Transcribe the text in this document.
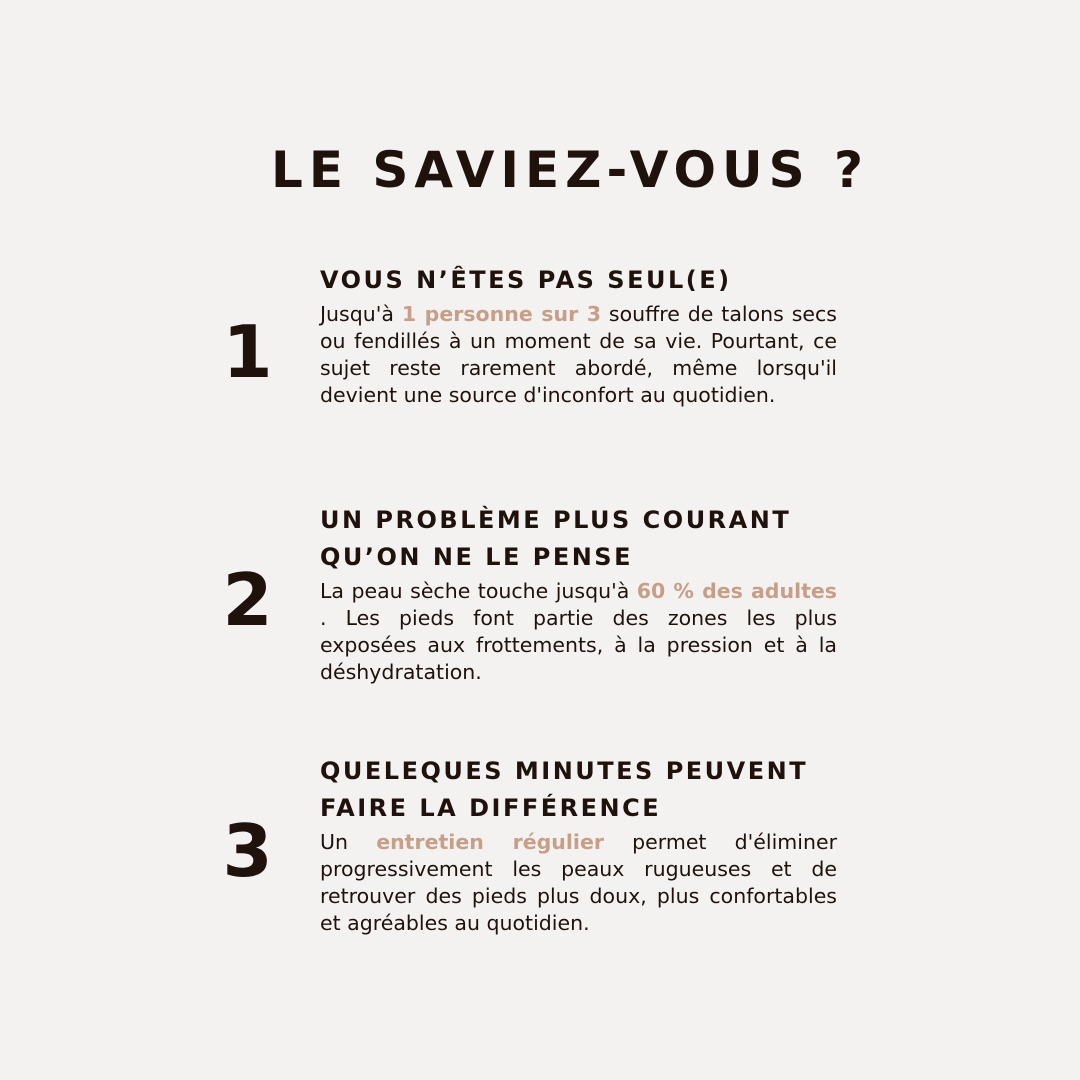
LE SAVIEZ-VOUS ?
1
VOUS N’ÊTES PAS SEUL(E)

Jusqu'à 1 personne sur 3 souffre de talons secs ou fendillés à un moment de sa vie. Pourtant, ce sujet reste rarement abordé, même lorsqu'il devient une source d'inconfort au quotidien.

2
UN PROBLÈME PLUS COURANT QU’ON NE LE PENSE

La peau sèche touche jusqu'à 60 % des adultes . Les pieds font partie des zones les plus exposées aux frottements, à la pression et à la déshydratation.

3
QUELEQUES MINUTES PEUVENT FAIRE LA DIFFÉRENCE

Un entretien régulier permet d'éliminer progressivement les peaux rugueuses et de retrouver des pieds plus doux, plus confortables et agréables au quotidien.
